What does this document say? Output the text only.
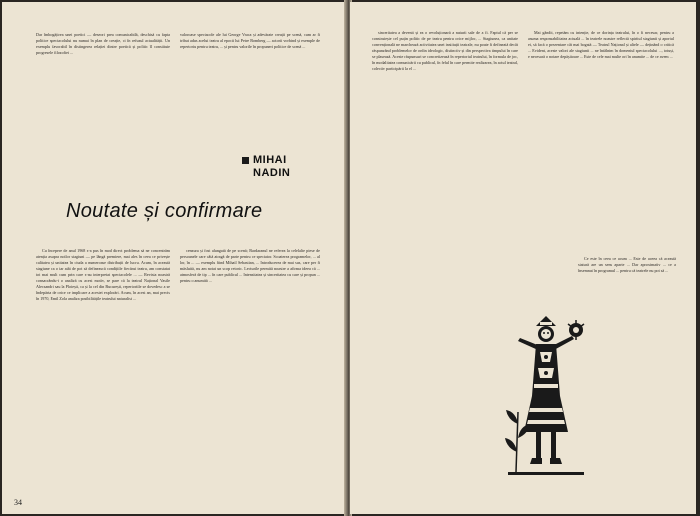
Dar îmbogățirea unei poetici — deseori prea comunicabilă, deschisă cu fapta politice spectacolului nu numai în plan de creație, ci în refuzul actualității. Un exemplu favorabil în distingerea relației dintre poetică și politic îl constituie progresele filozofiei ...

valoroase spectacole ale lui George Vraca și adevărate creații pe scenă, cum ar fi tribut adus acelui teatru al epocii lui Petre Bomberg — actorii vorbind și exemple de repertoriu pentru teatru, ... și pentru valorile în propuneri politice de scenă ...

MIHAI
NADIN
Noutate și confirmare

Cu începere de anul 1968 s-a pus în mod direct problema să ne concentrăm atenția asupra noilor stagiuni — pe lângă premiere, mai ales în ceea ce privește calitatea și unitatea în ciuda a numeroase distribuții de lucru. Acum, în această stagiune ca o iar atât de pot să definească condițiile fiecărui teatru, am constatat tot mai mult cum prin care s-au interpretat spectacolele ... — Revista noastră consacrându-i o analiză cu acest motiv, se pare că la teatrul Național Vasile Alecsandri sau la Ploiești, ca și la cel din București, repertoriile se dovedesc a se îndepărta de orice ce implicare a acestei explorări. Acum, în acest an, mai precis în 1970, Emil Zola analiza posibilitățile teatrului naturalist ...

cenzura și fost alungată de pe scenă; Bardaranul ne referea la celelalte piese de persoanele care câtă atragă de parte pentru ce spectator. Scoaterea programelor, ... al lor, în ... — exemplu fiind Mihail Sebastian, ... Introducerea de mai sus, care per fi măsluită, nu am notat un scop retoric. Lecturile permită noastre a afirma ideea că ... atmosferă de tip ... în care publicul ... Intensitatea și sinceritatea cu care și propun ... pentru o anumită ...

34

sinceritatea a devenit și ea o revoluționară a naturii sale de a fi. Faptul că per se construiește cel puțin politic de pe teatru pentru orice mijloc, ... Stagiunea, ca unitate convențională ne marchează activitatea unei instituții teatrale, nu poate fi defineată decât răspunzând problemelor de ordin ideologic, distinctiv și din perspectiva timpului în care se plasează. Aceste răspunsuri se concretizează în repertoriul teatrului, în formula de joc, în modalitatea comunicării cu publicul, în felul în care permite realizarea, în actul teatral, colectiv participării la el ...

Mai gândit, repetăm cu intenție, de ce dorința teatrului, în o fi necesar, pentru a asuma responsabilitatea actuală ... în teatrele noastre reflectă spiritul stagiunii și aportul ei, să facă o prezentare cât mai bogată — Teatrul Național și altele — deținând o critică ... Evident, aceste valori ale stagiunii ... ne întâlnim în domeniul spectacolului ..., totuși, e necesară o notare depășitoare ... Este de cele mai multe ori în anumite ... de ce avem ...

Ce este în ceea ce acum ... Este de aceea că această statură are un sens aparte ... Dar aproximativ ... ce a însemnat în programul ... pentru că teatrele nu pot să ...
